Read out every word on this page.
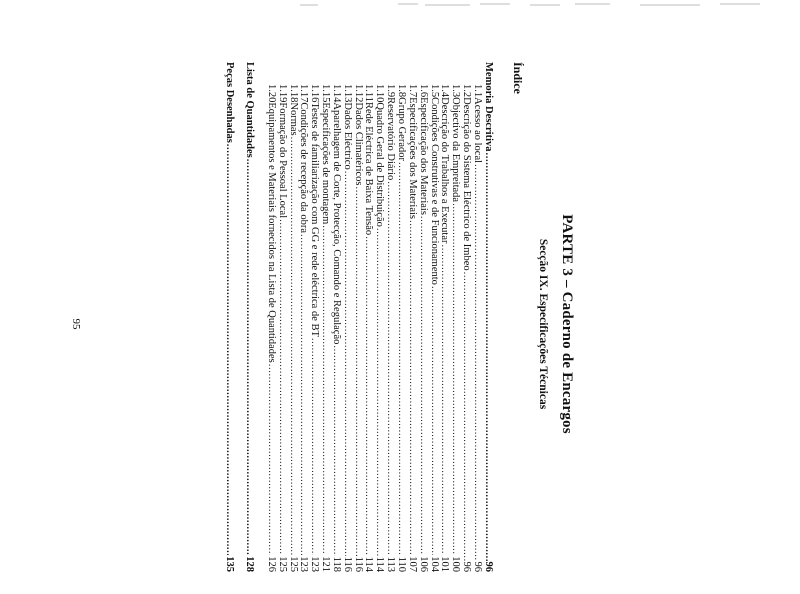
PARTE 3 – Caderno de Encargos
Secção IX. Especificações Técnicas
Índice
Memoria Descritiva
.....
96
1.1
Acesso ao local
.....
96
1.2
Descrição do Sistema Eléctrico de Imbeo
.....
96
1.3
Objectivo da Empreitada
.....
100
1.4
Descrição do Trabalhos a Executar
.....
101
1.5
Condições Construtivas e de Funcionamento
.....
104
1.6
Especificação dos Materiais
.....
106
1.7
Especificações dos Materiais
.....
107
1.8
Grupo Gerador
.....
110
1.9
Reservatório Diário
.....
113
1.10
Quadro Geral de Distribuição
.....
114
1.11
Rede Eléctrica de Baixa Tensão
.....
114
1.12
Dados Climatéricos
.....
116
1.13
Dados Eléctrico
.....
116
1.14
Aparelhagem de Corte, Protecção, Comando e Regulação
.....
118
1.15
Especificações de montagem
.....
121
1.16
Testes de familiarização com GG e rede eléctrica de BT
.....
123
1.17
Condições de recepção da obra
.....
123
1.18
Normas
.....
125
1.19
Formação do Pessoal Local
.....
125
1.20
Equipamentos e Materiais fornecidos na Lista de Quantidades
.....
126
Lista de Quantidades
.....
128
Peças Desenhadas
.....
135
95
